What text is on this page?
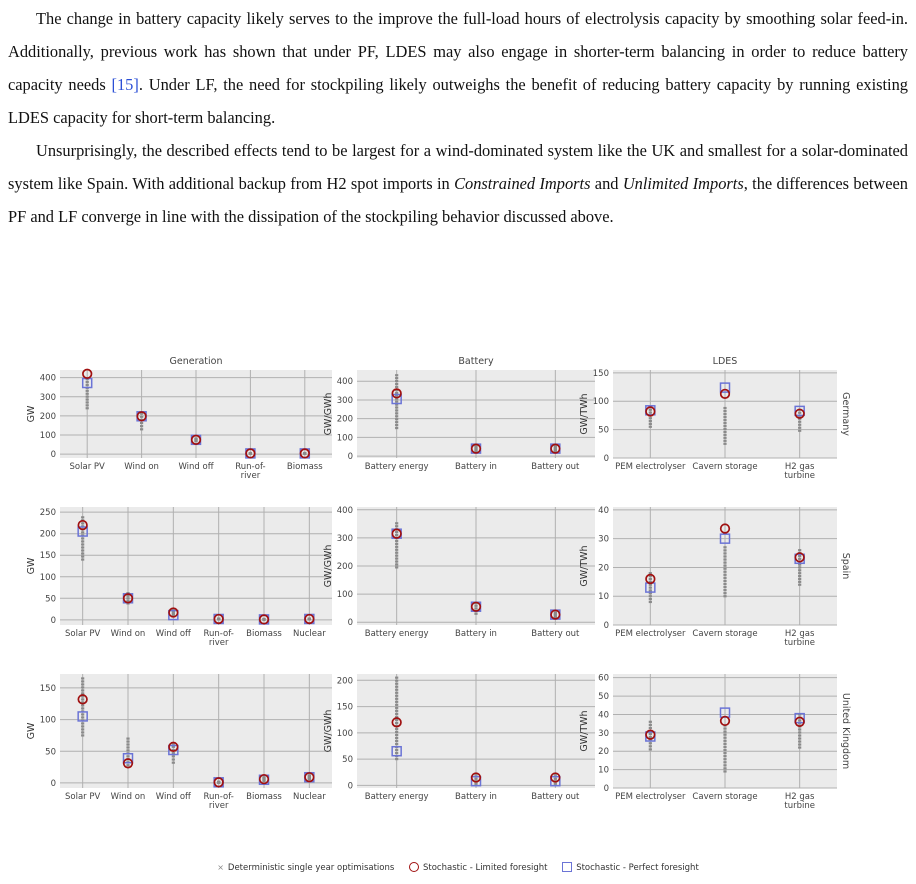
The change in battery capacity likely serves to the improve the full-load hours of electrolysis capacity by smoothing solar feed-in. Additionally, previous work has shown that under PF, LDES may also engage in shorter-term balancing in order to reduce battery capacity needs [15]. Under LF, the need for stockpiling likely outweighs the benefit of reducing battery capacity by running existing LDES capacity for short-term balancing.

Unsurprisingly, the described effects tend to be largest for a wind-dominated system like the UK and smallest for a solar-dominated system like Spain. With additional backup from H2 spot imports in Constrained Imports and Unlimited Imports, the differences between PF and LF converge in line with the dissipation of the stockpiling behavior discussed above.

0
100
200
300
400
GW
Solar PV Wind on Wind off	Run-of-river
Biomass
0
100
200
300
400
GW/GWh
Battery energy	Battery in	Battery out
0
50
100
150
GW/TWh
PEM electrolyser Cavern storage	H2 gas turbine
0
50
100
150
200
250
GW
Solar PV Wind on Wind off Run-of-river
Biomass Nuclear
0
100
200
300
400
GW/GWh
Battery energy	Battery in	Battery out
0
10
20
30
40
GW/TWh
PEM electrolyser Cavern storage	H2 gas turbine
0
50
100
150
GW
Solar PV Wind on Wind off Run-of-river
Biomass Nuclear
0
50
100
150
200
GW/GWh
Battery energy	Battery in	Battery out
0
10
20
30
40
50
60
GW/TWh
PEM electrolyser Cavern storage	H2 gas turbine
Generation	Battery	LDES
Germany
Spain
United Kingdom
× Deterministic single year optimisations	Stochastic - Limited foresight	Stochastic - Perfect foresight
